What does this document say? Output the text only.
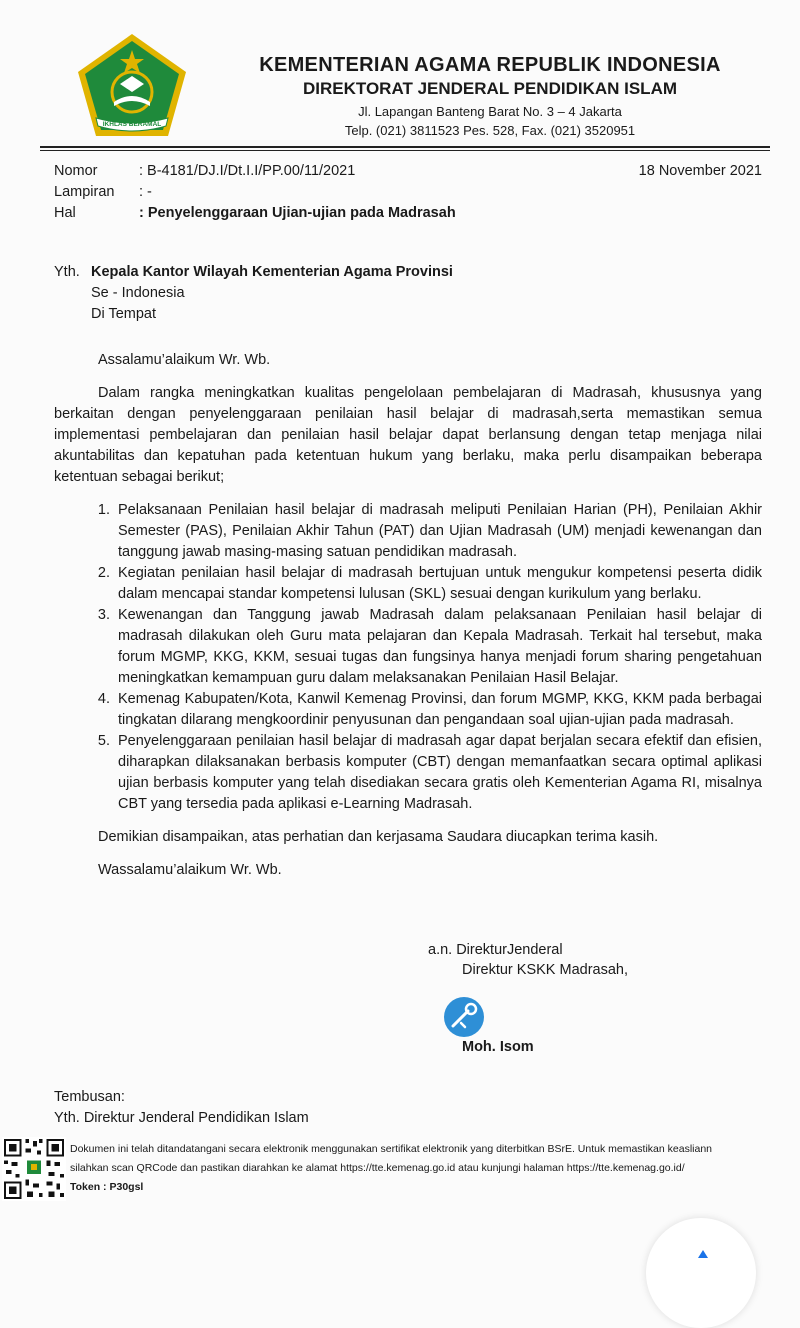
IKHLAS BERAMAL
KEMENTERIAN AGAMA REPUBLIK INDONESIA
DIREKTORAT JENDERAL PENDIDIKAN ISLAM
Jl. Lapangan Banteng Barat No. 3 – 4 Jakarta
Telp. (021) 3811523 Pes. 528, Fax. (021) 3520951
Nomor	: B-4181/DJ.I/Dt.I.I/PP.00/11/2021
Lampiran	: -
Hal	: Penyelenggaraan Ujian-ujian pada Madrasah
18 November 2021
Yth. Kepala Kantor Wilayah Kementerian Agama Provinsi
Se - Indonesia
Di Tempat
Assalamu’alaikum Wr. Wb.
Dalam rangka meningkatkan kualitas pengelolaan pembelajaran di Madrasah, khususnya yang berkaitan dengan penyelenggaraan penilaian hasil belajar di madrasah,serta memastikan semua implementasi pembelajaran dan penilaian hasil belajar dapat berlansung dengan tetap menjaga nilai akuntabilitas dan kepatuhan pada ketentuan hukum yang berlaku, maka perlu disampaikan beberapa ketentuan sebagai berikut;
1. Pelaksanaan Penilaian hasil belajar di madrasah meliputi Penilaian Harian (PH), Penilaian Akhir Semester (PAS), Penilaian Akhir Tahun (PAT) dan Ujian Madrasah (UM) menjadi kewenangan dan tanggung jawab masing-masing satuan pendidikan madrasah.
2. Kegiatan penilaian hasil belajar di madrasah bertujuan untuk mengukur kompetensi peserta didik dalam mencapai standar kompetensi lulusan (SKL) sesuai dengan kurikulum yang berlaku.
3. Kewenangan dan Tanggung jawab Madrasah dalam pelaksanaan Penilaian hasil belajar di madrasah dilakukan oleh Guru mata pelajaran dan Kepala Madrasah. Terkait hal tersebut, maka forum MGMP, KKG, KKM, sesuai tugas dan fungsinya hanya menjadi forum sharing pengetahuan meningkatkan kemampuan guru dalam melaksanakan Penilaian Hasil Belajar.
4. Kemenag Kabupaten/Kota, Kanwil Kemenag Provinsi, dan forum MGMP, KKG, KKM pada berbagai tingkatan dilarang mengkoordinir penyusunan dan pengandaan soal ujian-ujian pada madrasah.
5. Penyelenggaraan penilaian hasil belajar di madrasah agar dapat berjalan secara efektif dan efisien, diharapkan dilaksanakan berbasis komputer (CBT) dengan memanfaatkan secara optimal aplikasi ujian berbasis komputer yang telah disediakan secara gratis oleh Kementerian Agama RI, misalnya CBT yang tersedia pada aplikasi e-Learning Madrasah.
Demikian disampaikan, atas perhatian dan kerjasama Saudara diucapkan terima kasih.
Wassalamu’alaikum Wr. Wb.
a.n. DirekturJenderal
Direktur KSKK Madrasah,
Moh. Isom
Tembusan:
Yth. Direktur Jenderal Pendidikan Islam
Dokumen ini telah ditandatangani secara elektronik menggunakan sertifikat elektronik yang diterbitkan BSrE. Untuk memastikan keasliann
silahkan scan QRCode dan pastikan diarahkan ke alamat https://tte.kemenag.go.id atau kunjungi halaman https://tte.kemenag.go.id/
Token : P30gsl
